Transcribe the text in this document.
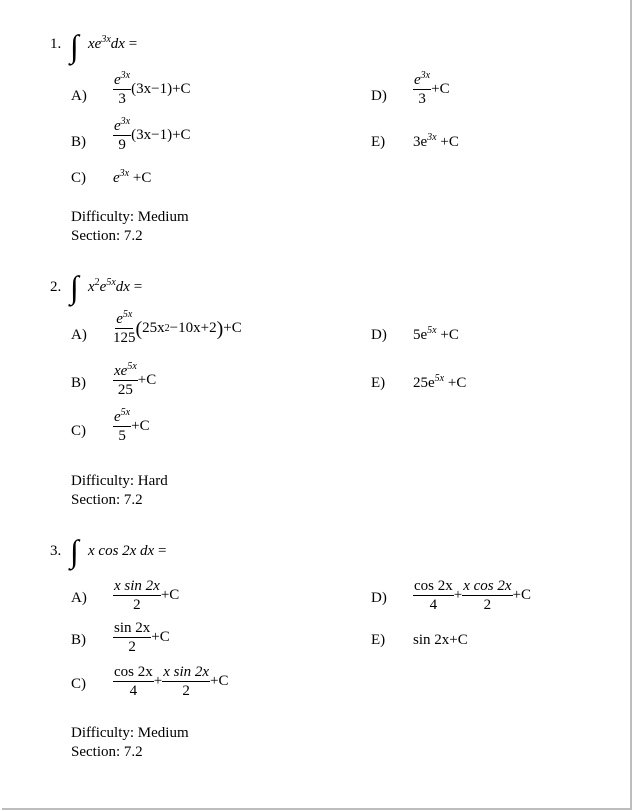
1. ∫ $xe^{3x}dx$ =
$A) \frac{e^{3x}}{3} (3x-1)+C$
$B) \frac{e^{3x}}{9} (3x-1)+C$
C) $e^{3x} +C$
$D) \frac{e^{3x}}{3} +C$
E) $3e^{3x} +C$
Difficulty: Medium
Section: 7.2
2. ∫ $x^2e^{5x}dx$ =
$A) \frac{e^{5x}}{125}$ ( 25x 2 −10x+2 ) +C
$B) \frac{xe^{5x}}{25} +C$
$C) \frac{e^{5x}}{5} +C$
D) $5e^{5x} +C$
E) $25e^{5x} +C$
Difficulty: Hard
Section: 7.2
3. ∫ x cos 2x dx =
$A) \frac{\text{x sin 2x}}{2} +C$
$B) \frac{\sin 2x}{2} +C$
$C) \frac{\cos 2x}{4} + \frac{\text{x sin 2x}}{2} +C$
$D) \frac{\cos 2x}{4} + \frac{\text{x cos 2x}}{2} +C$
E) sin 2x+C
Difficulty: Medium
Section: 7.2
